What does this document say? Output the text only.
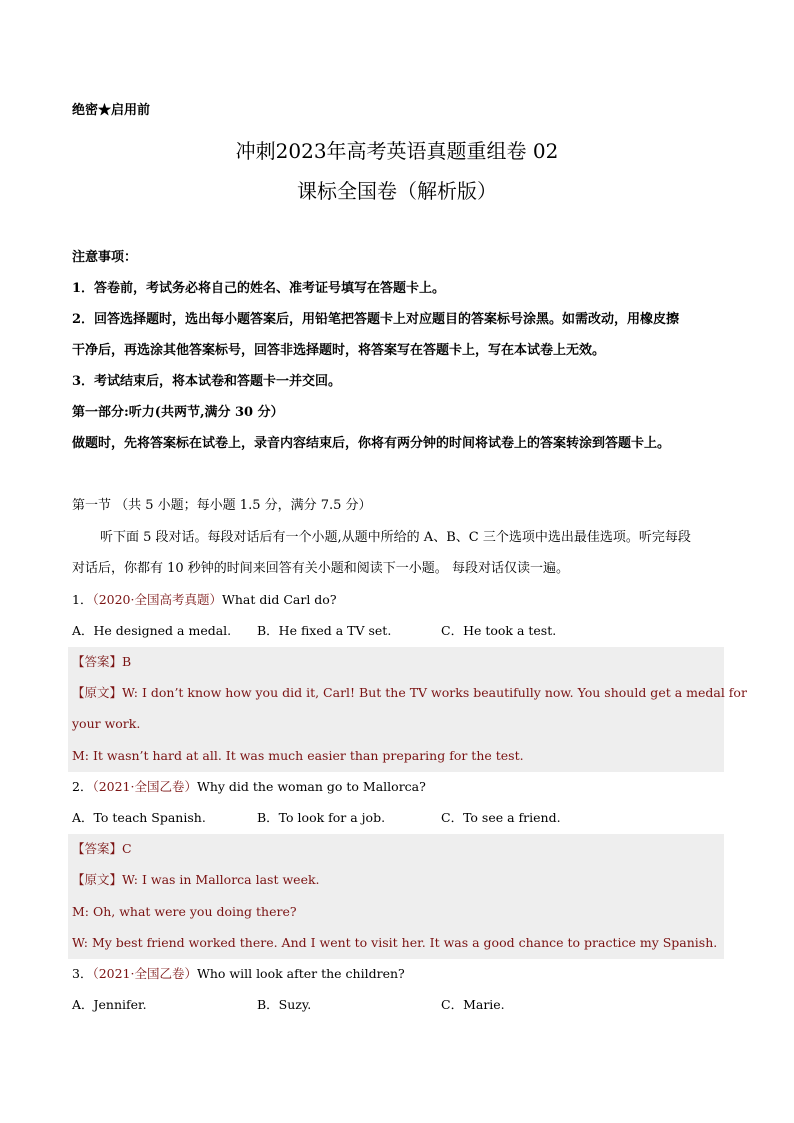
绝密★启用前
冲刺2023年高考英语真题重组卷 02
课标全国卷（解析版）
注意事项：
1．答卷前，考试务必将自己的姓名、准考证号填写在答题卡上。
2．回答选择题时，选出每小题答案后，用铅笔把答题卡上对应题目的答案标号涂黑。如需改动，用橡皮擦
干净后，再选涂其他答案标号，回答非选择题时，将答案写在答题卡上，写在本试卷上无效。
3．考试结束后，将本试卷和答题卡一并交回。
第一部分:听力(共两节,满分 30 分）
做题时，先将答案标在试卷上，录音内容结束后，你将有两分钟的时间将试卷上的答案转涂到答题卡上。
第一节 （共 5 小题；每小题 1.5 分，满分 7.5 分）
听下面 5 段对话。每段对话后有一个小题,从题中所给的 A、B、C 三个选项中选出最佳选项。听完每段
对话后，你都有 10 秒钟的时间来回答有关小题和阅读下一小题。 每段对话仅读一遍。
1．（2020·全国高考真题）What did Carl do?
A．He designed a medal. B．He fixed a TV set.	C．He took a test.
【答案】B
【原文】W: I don’t know how you did it, Carl! But the TV works beautifully now. You should get a medal for
your work.
M: It wasn’t hard at all. It was much easier than preparing for the test.
2．（2021·全国乙卷）Why did the woman go to Mallorca?
A．To teach Spanish.	B．To look for a job.	C．To see a friend.
【答案】C
【原文】W: I was in Mallorca last week.
M: Oh, what were you doing there?
W: My best friend worked there. And I went to visit her. It was a good chance to practice my Spanish.
3．（2021·全国乙卷）Who will look after the children?
A．Jennifer.	B．Suzy.	C．Marie.
